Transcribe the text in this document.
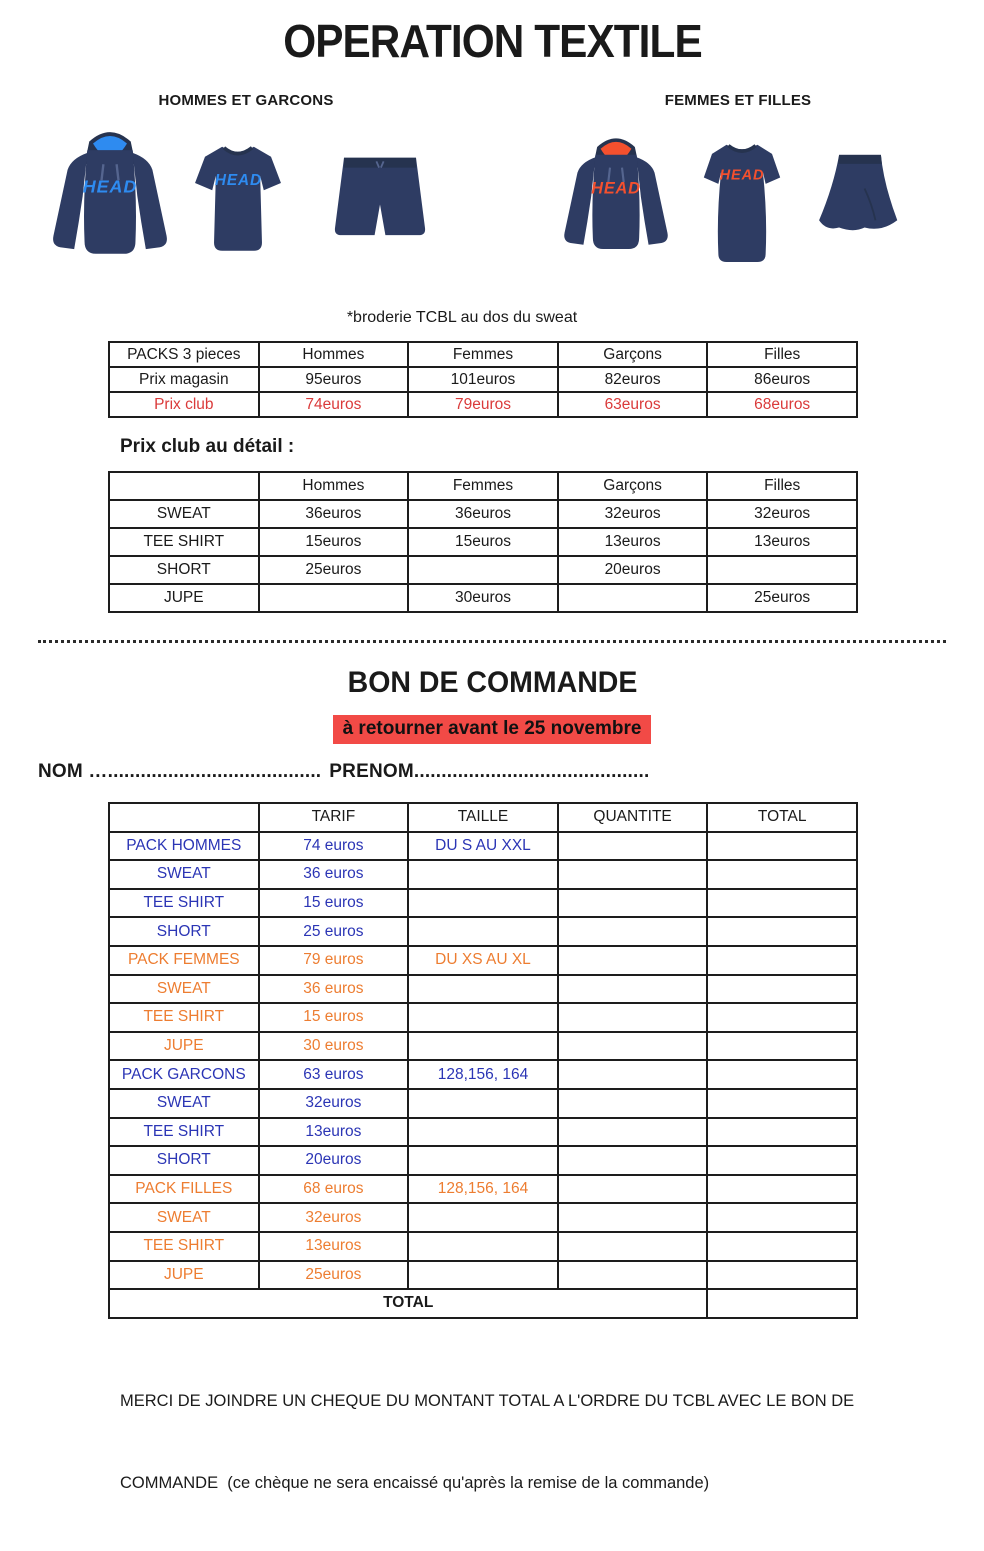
OPERATION TEXTILE
HOMMES ET GARCONS	FEMMES ET FILLES
HEAD	HEAD	HEAD
HEAD
*broderie TCBL au dos du sweat
PACKS 3 pieces	Hommes	Femmes	Garçons	Filles
Prix magasin	95euros	101euros	82euros	86euros
Prix club	74euros	79euros	63euros	68euros
Prix club au détail :
	Hommes	Femmes	Garçons	Filles
SWEAT	36euros	36euros	32euros	32euros
TEE SHIRT	15euros	15euros	13euros	13euros
SHORT	25euros		20euros	
JUPE		30euros		25euros
BON DE COMMANDE
à retourner avant le 25 novembre
NOM …....................................... PRENOM...........................................
	TARIF	TAILLE	QUANTITE	TOTAL
PACK HOMMES	74 euros	DU S AU XXL		
SWEAT	36 euros			
TEE SHIRT	15 euros			
SHORT	25 euros			
PACK FEMMES	79 euros	DU XS AU XL		
SWEAT	36 euros			
TEE SHIRT	15 euros			
JUPE	30 euros			
PACK GARCONS	63 euros	128,156, 164		
SWEAT	32euros			
TEE SHIRT	13euros			
SHORT	20euros			
PACK FILLES	68 euros	128,156, 164		
SWEAT	32euros			
TEE SHIRT	13euros			
JUPE	25euros			
TOTAL				

MERCI DE JOINDRE UN CHEQUE DU MONTANT TOTAL A L'ORDRE DU TCBL AVEC LE BON DE

COMMANDE  (ce chèque ne sera encaissé qu'après la remise de la commande)
